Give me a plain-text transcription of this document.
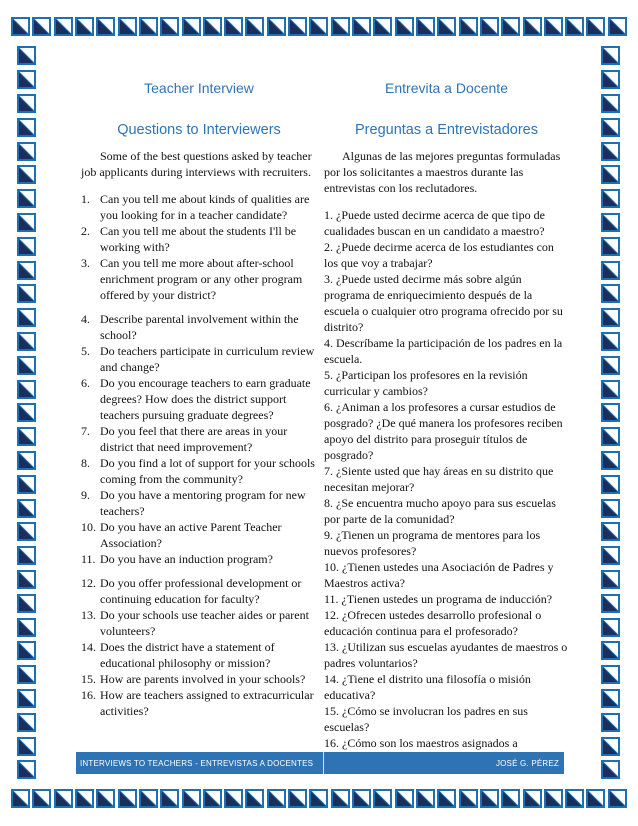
Teacher Interview
Questions to Interviewers
Some of the best questions asked by teacher job applicants during interviews with recruiters.
1. Can you tell me about kinds of qualities are you looking for in a teacher candidate?
2. Can you tell me about the students I'll be working with?
3. Can you tell me more about after-school enrichment program or any other program offered by your district?
4. Describe parental involvement within the school?
5. Do teachers participate in curriculum review and change?
6. Do you encourage teachers to earn graduate degrees? How does the district support teachers pursuing graduate degrees?
7. Do you feel that there are areas in your district that need improvement?
8. Do you find a lot of support for your schools coming from the community?
9. Do you have a mentoring program for new teachers?
10. Do you have an active Parent Teacher Association?
11. Do you have an induction program?
12. Do you offer professional development or continuing education for faculty?
13. Do your schools use teacher aides or parent volunteers?
14. Does the district have a statement of educational philosophy or mission?
15. How are parents involved in your schools?
16. How are teachers assigned to extracurricular activities?
Entrevita a Docente
Preguntas a Entrevistadores
Algunas de las mejores preguntas formuladas por los solicitantes a maestros durante las entrevistas con los reclutadores.
1. ¿Puede usted decirme acerca de que tipo de cualidades buscan en un candidato a maestro?
2. ¿Puede decirme acerca de los estudiantes con los que voy a trabajar?
3. ¿Puede usted decirme más sobre algún programa de enriquecimiento después de la escuela o cualquier otro programa ofrecido por su distrito?
4. Descríbame la participación de los padres en la escuela.
5. ¿Participan los profesores en la revisión curricular y cambios?
6. ¿Animan a los profesores a cursar estudios de posgrado? ¿De qué manera los profesores reciben apoyo del distrito para proseguir títulos de posgrado?
7. ¿Siente usted que hay áreas en su distrito que necesitan mejorar?
8. ¿Se encuentra mucho apoyo para sus escuelas por parte de la comunidad?
9. ¿Tienen un programa de mentores para los nuevos profesores?
10. ¿Tienen ustedes una Asociación de Padres y Maestros activa?
11. ¿Tienen ustedes un programa de inducción?
12. ¿Ofrecen ustedes desarrollo profesional o educación continua para el profesorado?
13. ¿Utilizan sus escuelas ayudantes de maestros o padres voluntarios?
14. ¿Tiene el distrito una filosofía o misión educativa?
15. ¿Cómo se involucran los padres en sus escuelas?
16. ¿Cómo son los maestros asignados a
INTERVIEWS TO TEACHERS - ENTREVISTAS A DOCENTES	JOSÉ G. PÉREZ
